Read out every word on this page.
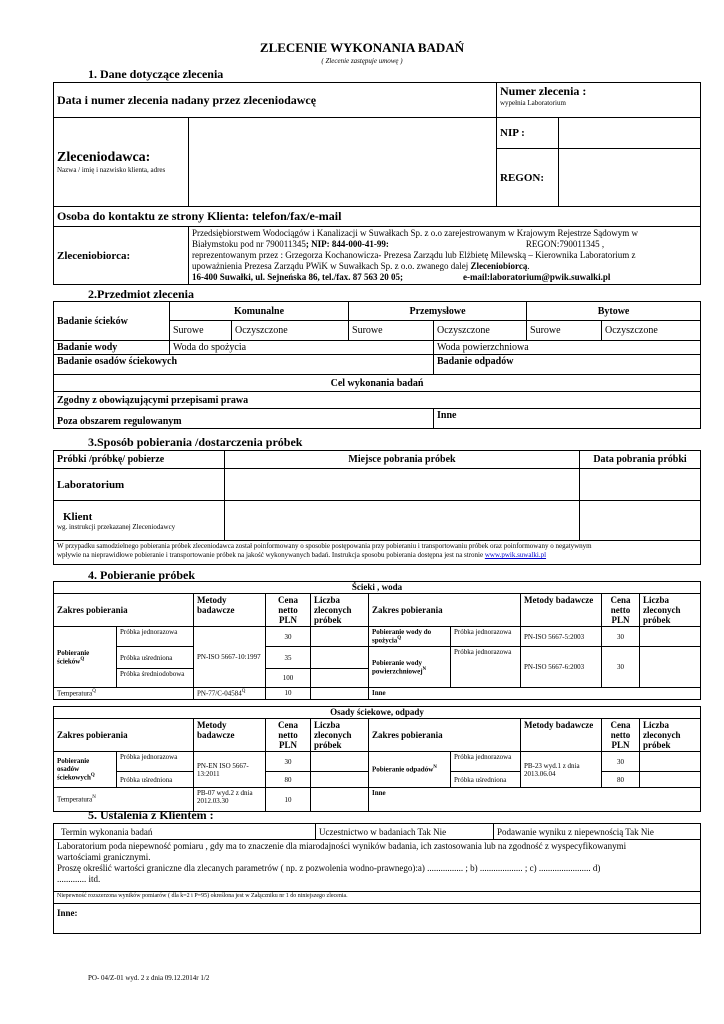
ZLECENIE WYKONANIA BADAŃ
( Zlecenie zastępuje umowę )
1. Dane dotyczące zlecenia
Data i numer zlecenia nadany przez zleceniodawcę		Numer zlecenia :
wypełnia Laboratorium	

Zleceniodawca:
Nazwa / imię i nazwisko klienta, adres		NIP :	
		REGON:	
Osoba do kontaktu ze strony Klienta: telefon/fax/e-mail			
Zleceniobiorca:	Przedsiębiorstwem Wodociągów i Kanalizacji w Suwałkach Sp. z o.o zarejestrowanym w Krajowym Rejestrze Sądowym w
Białymstoku pod nr 790011345; NIP: 844-000-41-99: REGON:790011345 ,
reprezentowanym przez : Grzegorza Kochanowicza- Prezesa Zarządu lub Elżbietę Milewską – Kierownika Laboratorium z
upoważnienia Prezesa Zarządu PWiK w Suwałkach Sp. z o.o. zwanego dalej Zleceniobiorcą.
16-400 Suwałki, ul. Sejneńska 86, tel./fax. 87 563 20 05; e-mail:laboratorium@pwik.suwalki.pl		
2.Przedmiot zlecenia
Badanie ścieków	Komunalne		Przemysłowe		Bytowe	
	Surowe	Oczyszczone	Surowe	Oczyszczone	Surowe	Oczyszczone
Badanie wody	Woda do spożycia			Woda powierzchniowa		
Badanie osadów ściekowych				Badanie odpadów		
Cel wykonania badań						
Zgodny z obowiązującymi przepisami prawa						
Poza obszarem regulowanym				Inne		
3.Sposób pobierania /dostarczenia próbek
Próbki /próbkę/ pobierze	Miejsce pobrania próbek	Data pobrania próbki
Laboratorium		

Klient
wg. instrukcji przekazanej Zleceniodawcy		

W przypadku samodzielnego pobierania próbek zleceniodawca został poinformowany o sposobie postępowania przy pobieraniu i transportowaniu próbek oraz poinformowany o negatywnym
wpływie na nieprawidłowe pobieranie i transportowanie próbek na jakość wykonywanych badań. Instrukcja sposobu pobierania dostępna jest na stronie www.pwik.suwalki.pl		
4. Pobieranie próbek
Ścieki , woda									
Zakres pobierania		Metody badawcze	Cena netto PLN	Liczba zleconych próbek	Zakres pobierania		Metody badawcze	Cena netto PLN	Liczba zleconych próbek
Pobieranie ścieków$^Q$	Próbka jednorazowa	PN-ISO 5667-10:1997	30		Pobieranie wody do spożycia$^Q$	Próbka jednorazowa	PN-ISO 5667-5:2003	30	
	Próbka uśredniona		35		Pobieranie wody powierzchniowej$^N$	Próbka jednorazowa	PN-ISO 5667-6:2003	30	
	Próbka średniodobowa		100						
Temperatura$^Q$		$PN-77/C-04584^Q$	10		Inne				
Osady ściekowe, odpady									
Zakres pobierania		Metody badawcze	Cena netto PLN	Liczba zleconych próbek	Zakres pobierania		Metody badawcze	Cena netto PLN	Liczba zleconych próbek
Pobieranie osadów ściekowych$^Q$	Próbka jednorazowa	PN-EN ISO 5667-13:2011	30		Pobieranie odpadów$^N$	Próbka jednorazowa	PB-23 wyd.1 z dnia 2013.06.04	30	
	Próbka uśredniona		80			Próbka uśredniona		80	
Temperatura$^N$		PB-07 wyd.2 z dnia 2012.03.30	10		Inne				
5. Ustalenia z Klientem :
Termin wykonania badań	Uczestnictwo w badaniach Tak Nie	Podawanie wyniku z niepewnością Tak Nie

Laboratorium poda niepewność pomiaru , gdy ma to znaczenie dla miarodajności wyników badania, ich zastosowania lub na zgodność z wyspecyfikowanymi
wartościami granicznymi.
Proszę określić wartości graniczne dla zlecanych parametrów ( np. z pozwolenia wodno-prawnego):a) ................ ; b) ................... ; c) ....................... d)
............. itd.

Niepewność rozszerzona wyników pomiarów ( dla k=2 i P=95) określona jest w Załączniku nr 1 do niniejszego zlecenia.
Inne:
PO- 04/Z-01 wyd. 2 z dnia 09.12.2014r 1/2
